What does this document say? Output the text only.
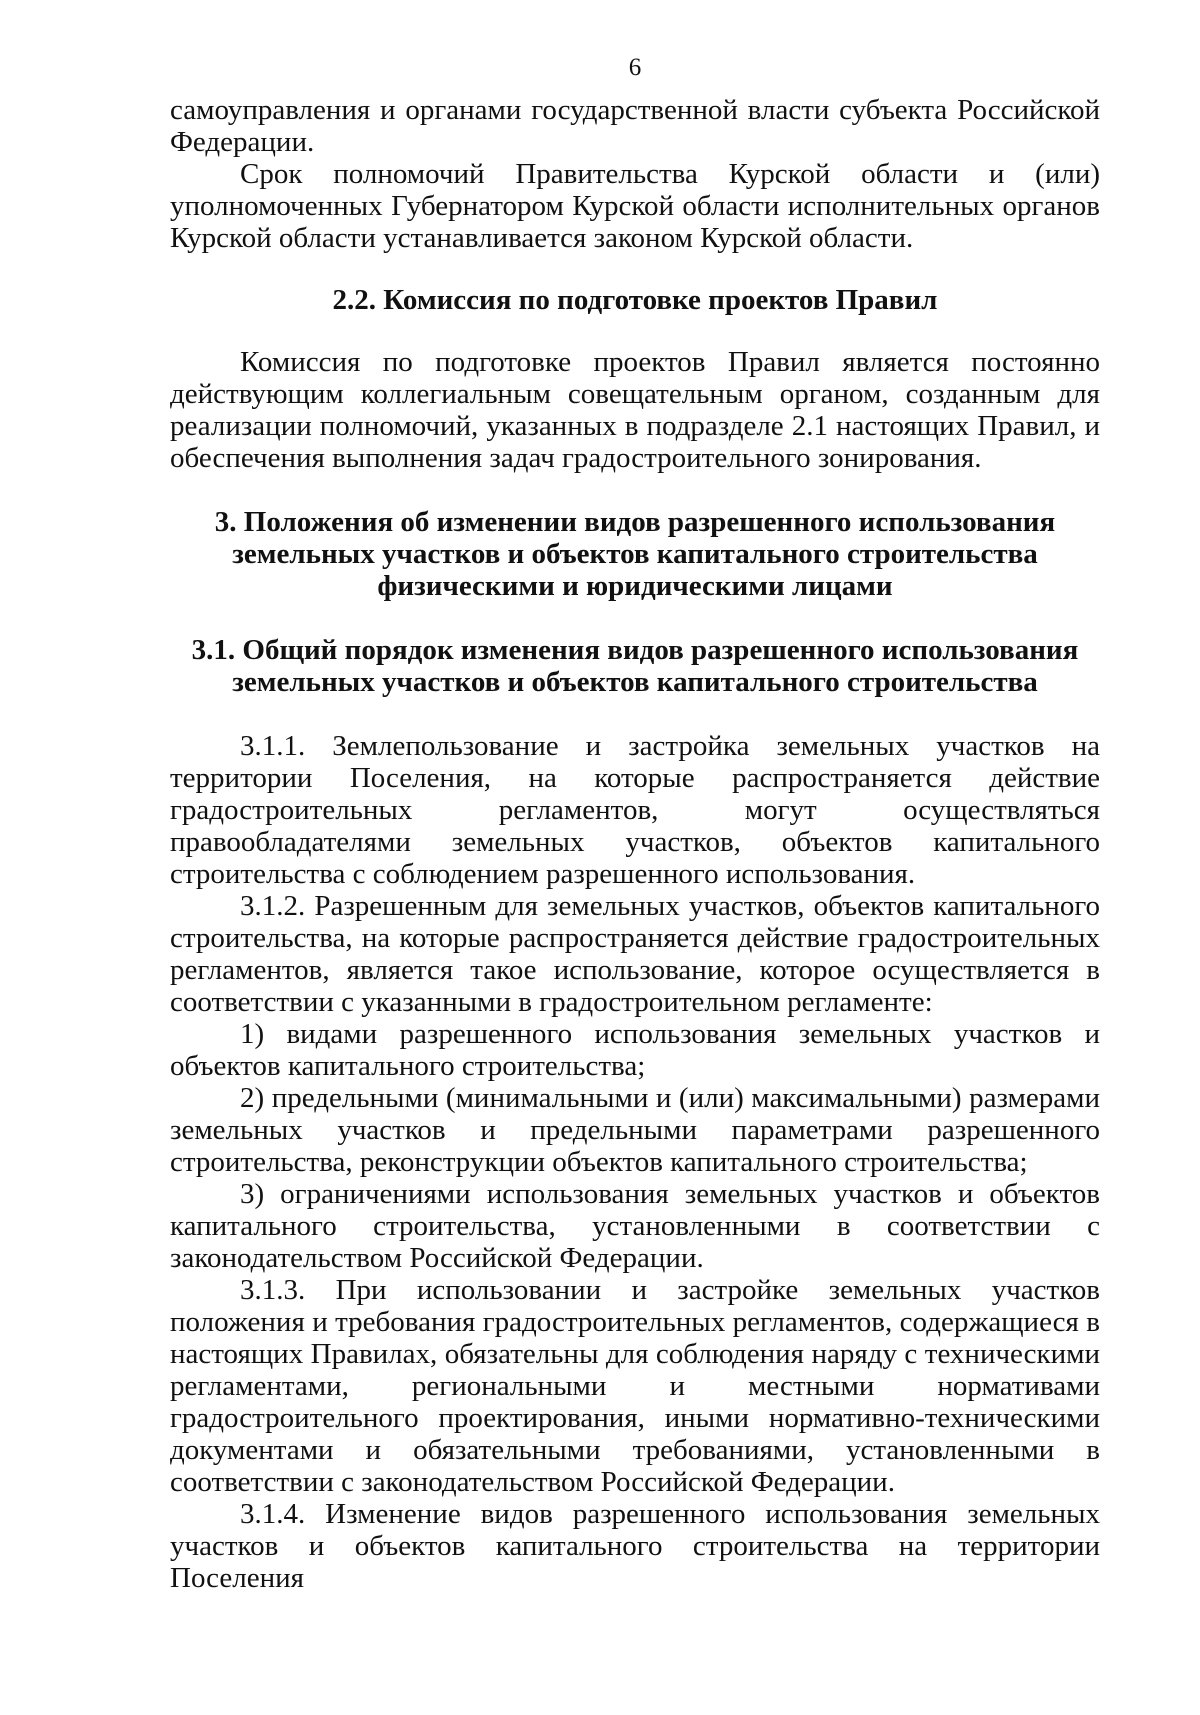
6

самоуправления и органами государственной власти субъекта Российской Федерации.

Срок полномочий Правительства Курской области и (или) уполномоченных Губернатором Курской области исполнительных органов Курской области устанавливается законом Курской области.

2.2. Комиссия по подготовке проектов Правил

Комиссия по подготовке проектов Правил является постоянно действующим коллегиальным совещательным органом, созданным для реализации полномочий, указанных в подразделе 2.1 настоящих Правил, и обеспечения выполнения задач градостроительного зонирования.

3. Положения об изменении видов разрешенного использования
земельных участков и объектов капитального строительства
физическими и юридическими лицами
3.1. Общий порядок изменения видов разрешенного использования
земельных участков и объектов капитального строительства

3.1.1. Землепользование и застройка земельных участков на территории Поселения, на которые распространяется действие градостроительных регламентов, могут осуществляться правообладателями земельных участков, объектов капитального строительства с соблюдением разрешенного использования.

3.1.2. Разрешенным для земельных участков, объектов капитального строительства, на которые распространяется действие градостроительных регламентов, является такое использование, которое осуществляется в соответствии с указанными в градостроительном регламенте:

1) видами разрешенного использования земельных участков и объектов капитального строительства;

2) предельными (минимальными и (или) максимальными) размерами земельных участков и предельными параметрами разрешенного строительства, реконструкции объектов капитального строительства;

3) ограничениями использования земельных участков и объектов капитального строительства, установленными в соответствии с законодательством Российской Федерации.

3.1.3. При использовании и застройке земельных участков положения и требования градостроительных регламентов, содержащиеся в настоящих Правилах, обязательны для соблюдения наряду с техническими регламентами, региональными и местными нормативами градостроительного проектирования, иными нормативно-техническими документами и обязательными требованиями, установленными в соответствии с законодательством Российской Федерации.

3.1.4. Изменение видов разрешенного использования земельных участков и объектов капитального строительства на территории Поселения
